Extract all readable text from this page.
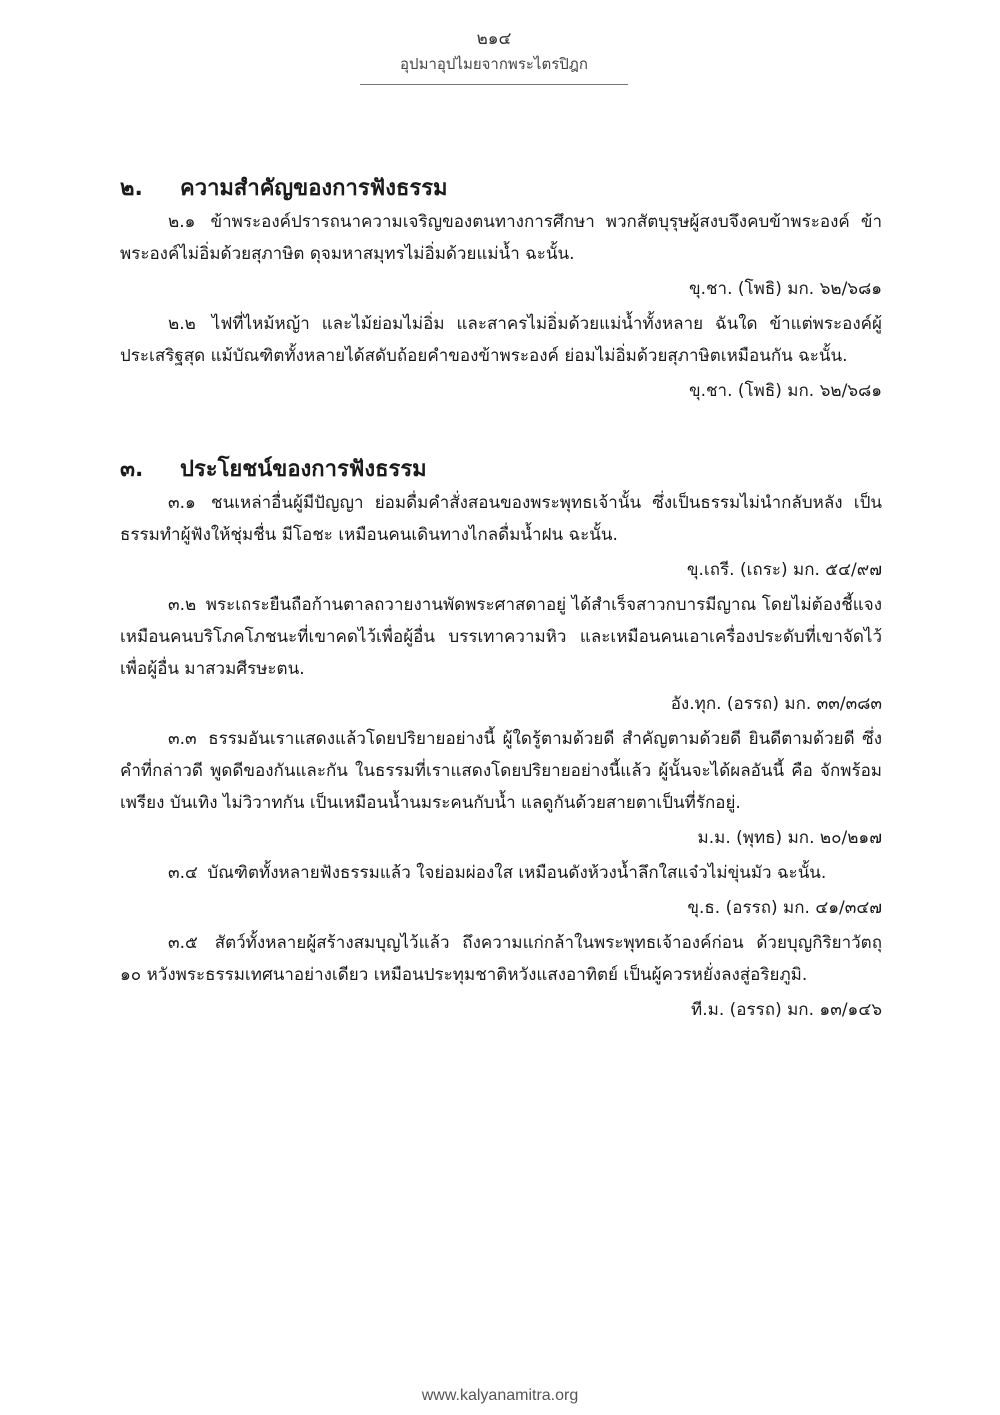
๒๑๔
อุปมาอุปไมยจากพระไตรปิฎก
๒.	ความสำคัญของการฟังธรรม

๒.๑ ข้าพระองค์ปรารถนาความเจริญของตนทางการศึกษา พวกสัตบุรุษผู้สงบจึงคบข้าพระองค์ ข้าพระองค์ไม่อิ่มด้วยสุภาษิต ดุจมหาสมุทรไม่อิ่มด้วยแม่น้ำ ฉะนั้น.

ขุ.ชา. (โพธิ) มก. ๖๒/๖๘๑

๒.๒ ไฟที่ไหม้หญ้า และไม้ย่อมไม่อิ่ม และสาครไม่อิ่มด้วยแม่น้ำทั้งหลาย ฉันใด ข้าแต่พระองค์ผู้ประเสริฐสุด แม้บัณฑิตทั้งหลายได้สดับถ้อยคำของข้าพระองค์ ย่อมไม่อิ่มด้วยสุภาษิตเหมือนกัน ฉะนั้น.

ขุ.ชา. (โพธิ) มก. ๖๒/๖๘๑
๓.	ประโยชน์ของการฟังธรรม

๓.๑ ชนเหล่าอื่นผู้มีปัญญา ย่อมดื่มคำสั่งสอนของพระพุทธเจ้านั้น ซึ่งเป็นธรรมไม่นำกลับหลัง เป็นธรรมทำผู้ฟังให้ชุ่มชื่น มีโอชะ เหมือนคนเดินทางไกลดื่มน้ำฝน ฉะนั้น.

ขุ.เถรี. (เถระ) มก. ๕๔/๙๗

๓.๒ พระเถระยืนถือก้านตาลถวายงานพัดพระศาสดาอยู่ ได้สำเร็จสาวกบารมีญาณ โดยไม่ต้องชี้แจง เหมือนคนบริโภคโภชนะที่เขาคดไว้เพื่อผู้อื่น บรรเทาความหิว และเหมือนคนเอาเครื่องประดับที่เขาจัดไว้เพื่อผู้อื่น มาสวมศีรษะตน.

อัง.ทุก. (อรรถ) มก. ๓๓/๓๘๓

๓.๓ ธรรมอันเราแสดงแล้วโดยปริยายอย่างนี้ ผู้ใดรู้ตามด้วยดี สำคัญตามด้วยดี ยินดีตามด้วยดี ซึ่งคำที่กล่าวดี พูดดีของกันและกัน ในธรรมที่เราแสดงโดยปริยายอย่างนี้แล้ว ผู้นั้นจะได้ผลอันนี้ คือ จักพร้อมเพรียง บันเทิง ไม่วิวาทกัน เป็นเหมือนน้ำนมระคนกับน้ำ แลดูกันด้วยสายตาเป็นที่รักอยู่.

ม.ม. (พุทธ) มก. ๒๐/๒๑๗

๓.๔ บัณฑิตทั้งหลายฟังธรรมแล้ว ใจย่อมผ่องใส เหมือนดังห้วงน้ำลึกใสแจ๋วไม่ขุ่นมัว ฉะนั้น.

ขุ.ธ. (อรรถ) มก. ๔๑/๓๔๗

๓.๕ สัตว์ทั้งหลายผู้สร้างสมบุญไว้แล้ว ถึงความแก่กล้าในพระพุทธเจ้าองค์ก่อน ด้วยบุญกิริยาวัตถุ ๑๐ หวังพระธรรมเทศนาอย่างเดียว เหมือนประทุมชาติหวังแสงอาทิตย์ เป็นผู้ควรหยั่งลงสู่อริยภูมิ.

ที.ม. (อรรถ) มก. ๑๓/๑๔๖
www.kalyanamitra.org
